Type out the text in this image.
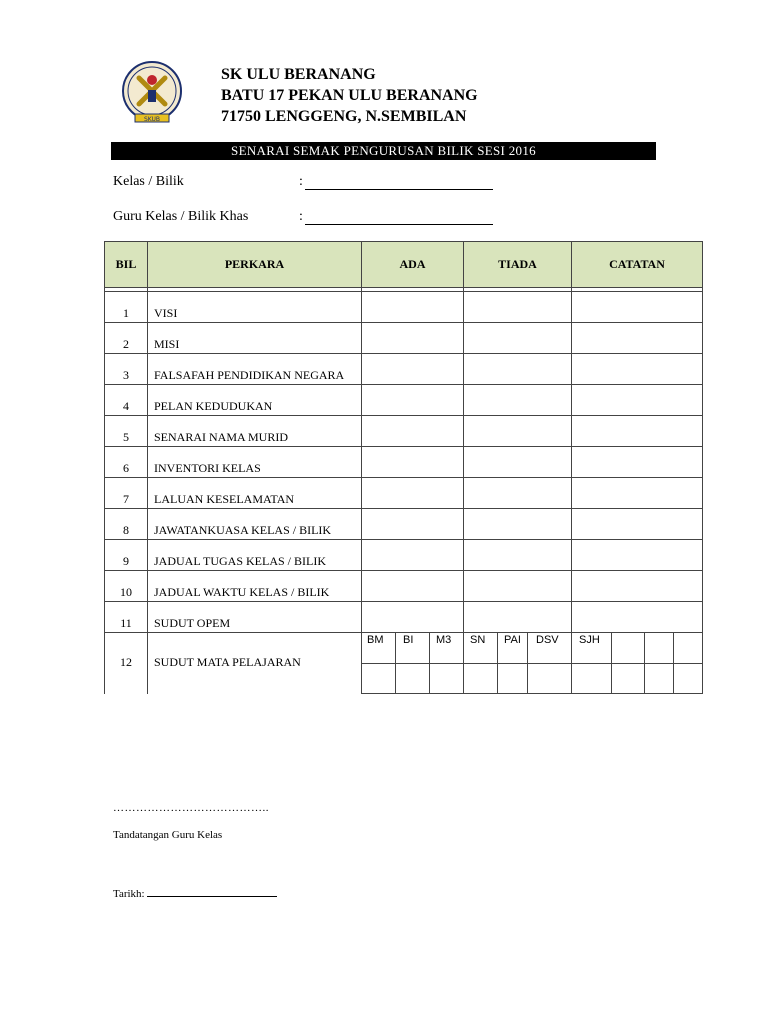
SKUB
SK ULU BERANANG
BATU 17 PEKAN ULU BERANANG
71750 LENGGENG, N.SEMBILAN
SENARAI SEMAK PENGURUSAN BILIK SESI 2016
Kelas / Bilik	:
Guru Kelas / Bilik Khas	:
BIL	PERKARA	ADA			TIADA			CATATAN			

1	VISI										
2	MISI										
3	FALSAFAH PENDIDIKAN NEGARA										
4	PELAN KEDUDUKAN										
5	SENARAI NAMA MURID										
6	INVENTORI KELAS										
7	LALUAN KESELAMATAN										
8	JAWATANKUASA KELAS / BILIK										
9	JADUAL TUGAS KELAS / BILIK										
10	JADUAL WAKTU KELAS / BILIK										
11	SUDUT OPEM										
12	SUDUT MATA PELAJARAN	BM	BI	M3	SN	PAI	DSV	SJH			

…………………………………..
Tandatangan Guru Kelas
Tarikh:
